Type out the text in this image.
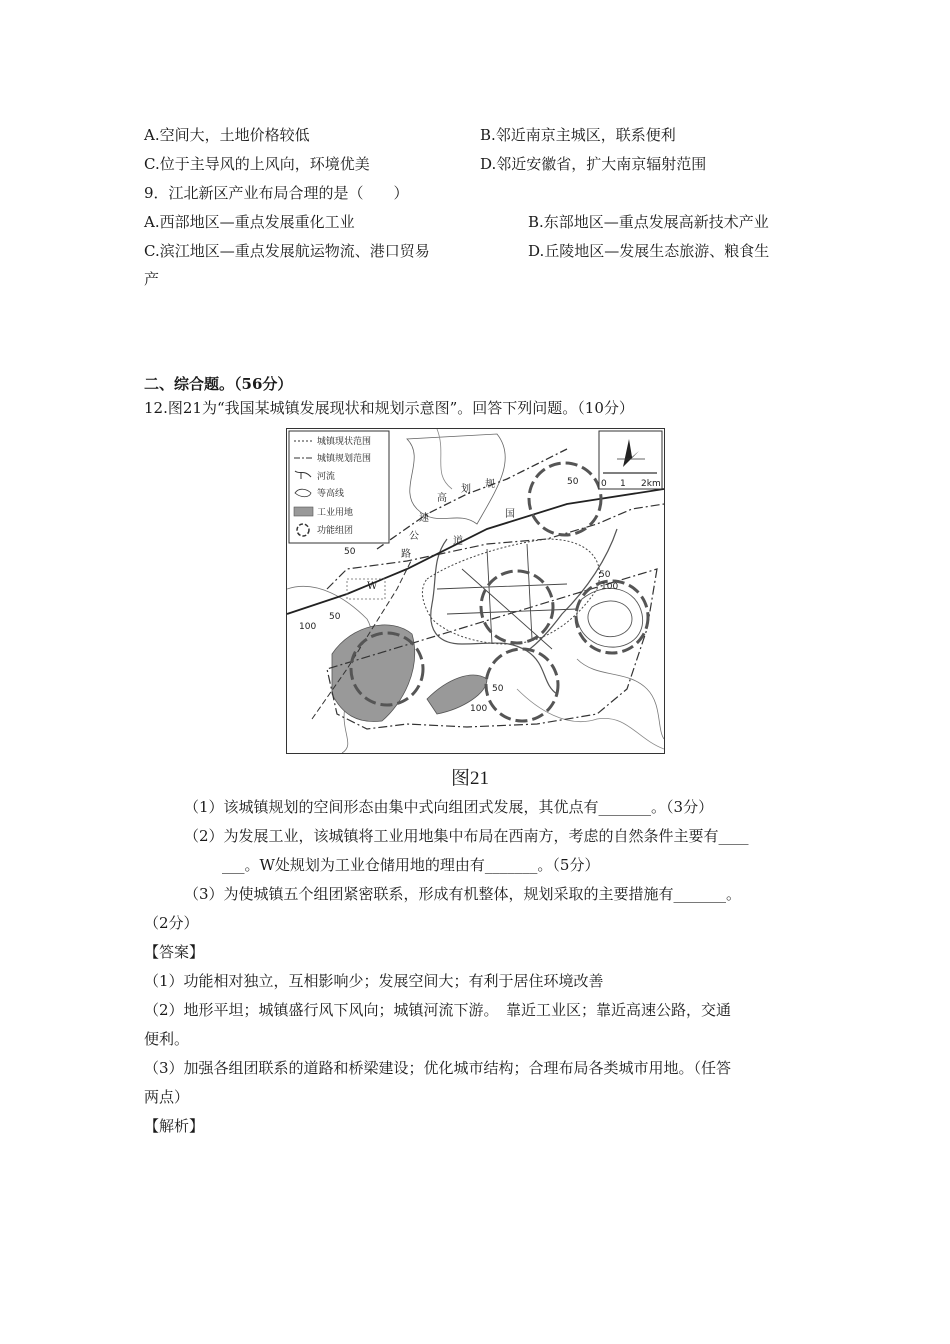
A.空间大，土地价格较低	B.邻近南京主城区，联系便利
C.位于主导风的上风向，环境优美	D.邻近安徽省，扩大南京辐射范围
9．江北新区产业布局合理的是（　　）
A.西部地区—重点发展重化工业	B.东部地区—重点发展高新技术产业
C.滨江地区—重点发展航运物流、港口贸易	D.丘陵地区—发展生态旅游、粮食生
产
二、综合题。（56分）
12.图21为“我国某城镇发展现状和规划示意图”。回答下列问题。（10分）
W
高
速
公
路
道
划 规
国
50
50
50
100
50
100
50
100
城镇现状范围
城镇规划范围
河流
等高线
工业用地
功能组团
0 1 2km
图21
（1）该城镇规划的空间形态由集中式向组团式发展，其优点有_______。（3分）
（2）为发展工业，该城镇将工业用地集中布局在西南方，考虑的自然条件主要有____
___。W处规划为工业仓储用地的理由有_______。（5分）
（3）为使城镇五个组团紧密联系，形成有机整体，规划采取的主要措施有_______。
（2分）
【答案】
（1）功能相对独立，互相影响少；发展空间大；有利于居住环境改善
（2）地形平坦；城镇盛行风下风向；城镇河流下游。　靠近工业区；靠近高速公路，交通
便利。
（3）加强各组团联系的道路和桥梁建设；优化城市结构；合理布局各类城市用地。（任答
两点）
【解析】
